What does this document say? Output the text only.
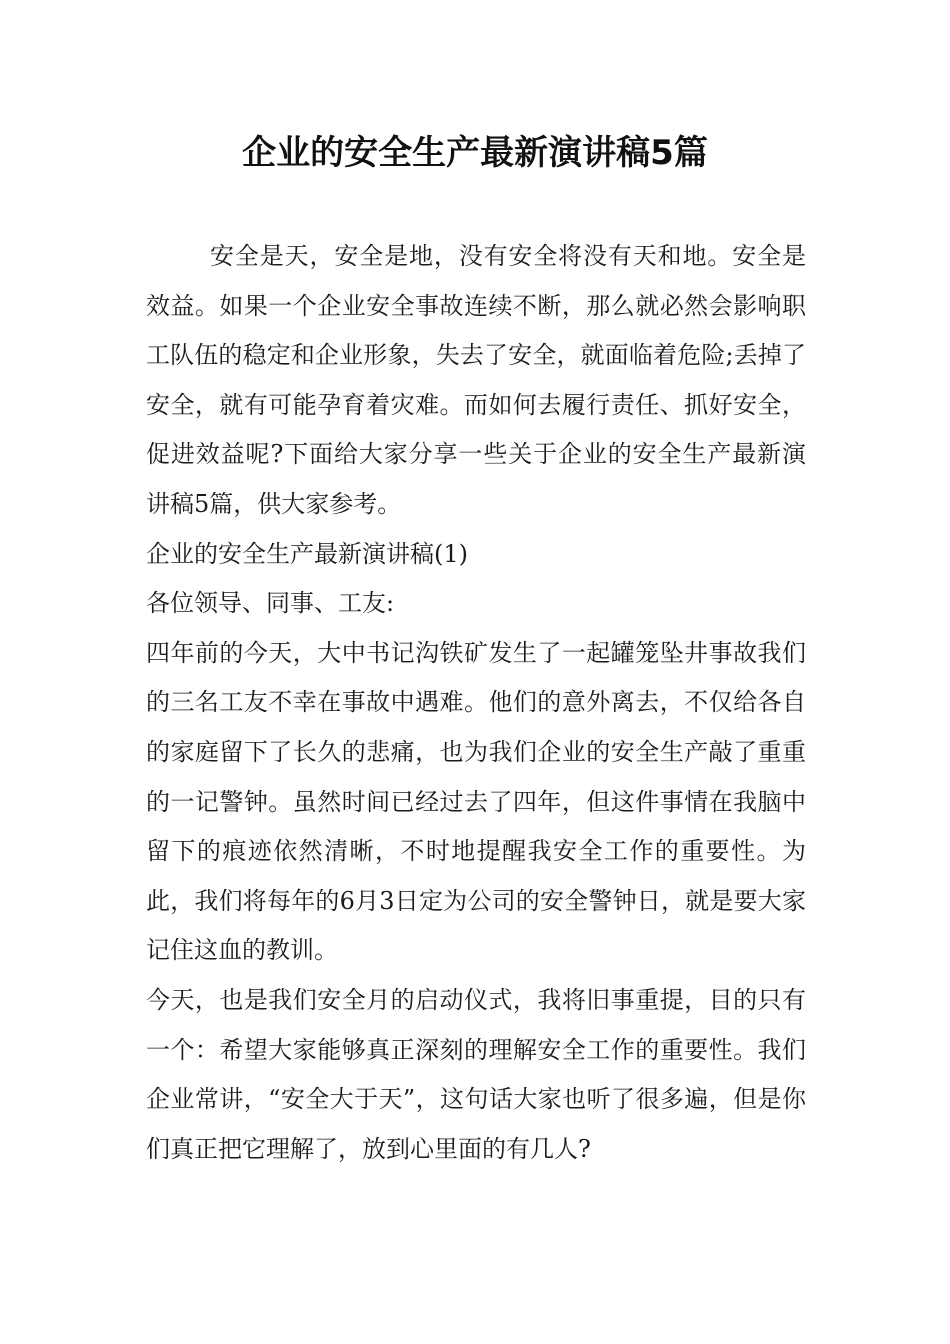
企业的安全生产最新演讲稿5篇

安全是天，安全是地，没有安全将没有天和地。安全是效益。如果一个企业安全事故连续不断，那么就必然会影响职工队伍的稳定和企业形象，失去了安全，就面临着危险;丢掉了安全，就有可能孕育着灾难。而如何去履行责任、抓好安全，促进效益呢?下面给大家分享一些关于企业的安全生产最新演讲稿5篇，供大家参考。

企业的安全生产最新演讲稿(1)

各位领导、同事、工友:

四年前的今天，大中书记沟铁矿发生了一起罐笼坠井事故我们的三名工友不幸在事故中遇难。他们的意外离去，不仅给各自的家庭留下了长久的悲痛，也为我们企业的安全生产敲了重重的一记警钟。虽然时间已经过去了四年，但这件事情在我脑中留下的痕迹依然清晰，不时地提醒我安全工作的重要性。为此，我们将每年的6月3日定为公司的安全警钟日，就是要大家记住这血的教训。

今天，也是我们安全月的启动仪式，我将旧事重提，目的只有一个：希望大家能够真正深刻的理解安全工作的重要性。我们企业常讲，“安全大于天”，这句话大家也听了很多遍，但是你们真正把它理解了，放到心里面的有几人?
